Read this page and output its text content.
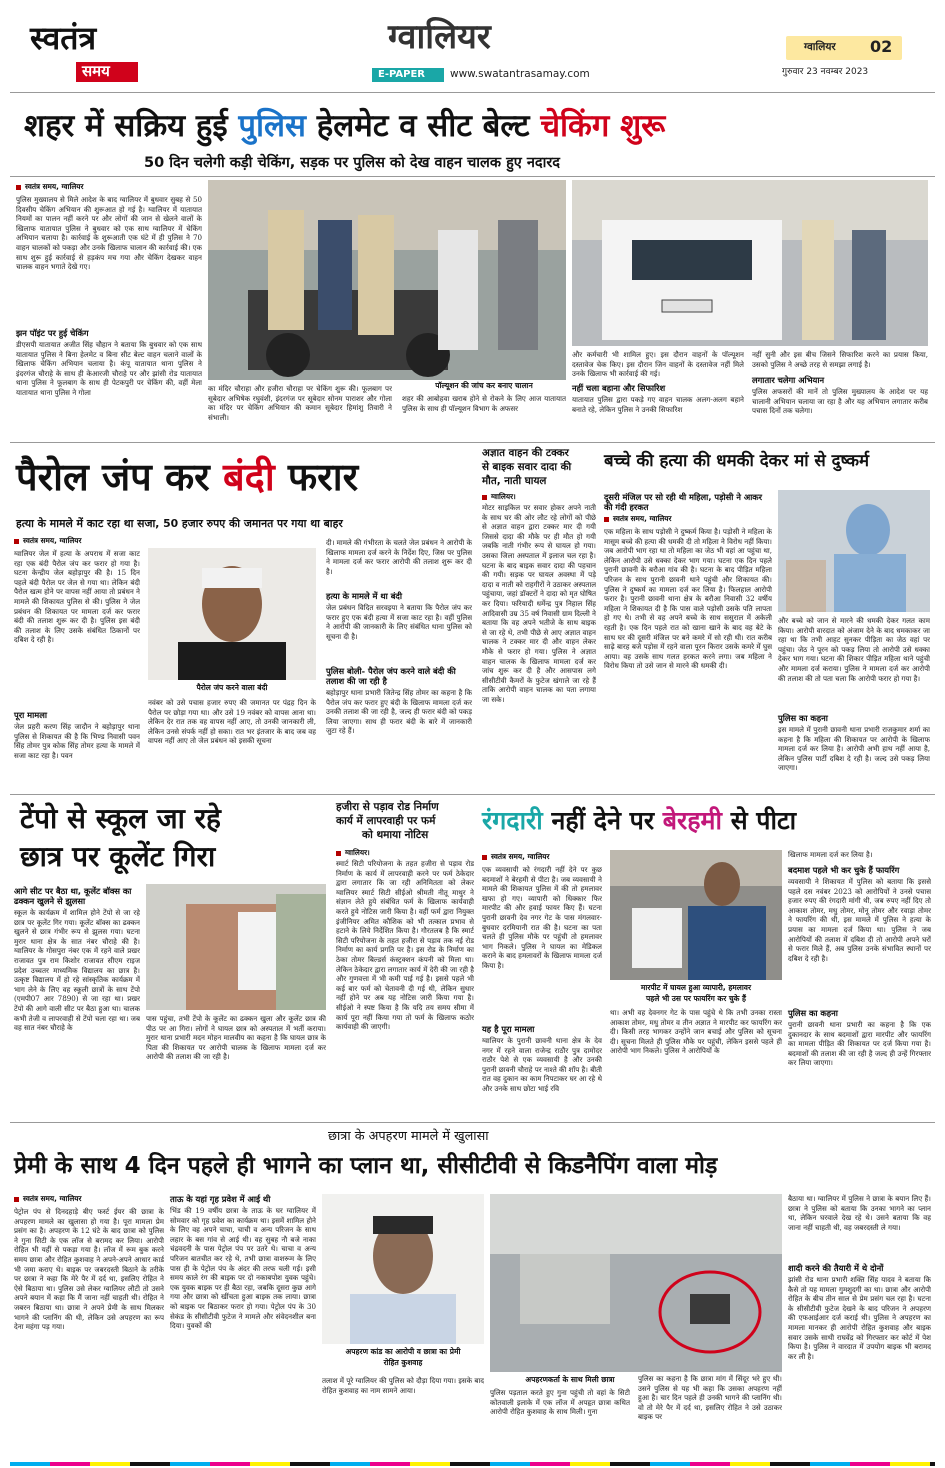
स्वतंत्र
समय
ग्वालियर
E-PAPER www.swatantrasamay.com
ग्वालियर 02
गुरुवार 23 नवम्बर 2023
शहर में सक्रिय हुई पुलिस हेलमेट व सीट बेल्ट चेकिंग शुरू
50 दिन चलेगी कड़ी चेकिंग, सड़क पर पुलिस को देख वाहन चालक हुए नदारद
स्वतंत्र समय, ग्वालियर
पुलिस मुख्यालय से मिले आदेश के बाद ग्वालियर में बुधवार सुबह से 50 दिवसीय चेकिंग अभियान की शुरूआत हो गई है। ग्वालियर में यातायात नियमों का पालन नहीं करने पर और लोगों की जान से खेलने वालों के खिलाफ यातायात पुलिस ने बुधवार को एक साथ ग्वालियर में चेकिंग अभियान चलाया है। कार्रवाई के शुरूआती एक घंटे में ही पुलिस ने 70 वाहन चालकों को पकड़ा और उनके खिलाफ चालान की कार्रवाई की। एक साथ शुरू हुई कार्रवाई से हड़कंप मच गया और चेकिंग देखकर वाहन चालक वाहन भगाते देखे गए।
झन पॉइंट पर हुई चेकिंग
डीएसपी यातायात अजीत सिंह चौहान ने बताया कि बुधवार को एक साथ यातायात पुलिस ने बिना हेलमेट व बिना सीट बेल्ट वाहन चलाने वालों के खिलाफ चेकिंग अभियान चलाया है। कंपू यातायात थाना पुलिस ने इंदरगंज चौराहे के साथ ही केआरजी चौराहे पर और झांसी रोड यातायात थाना पुलिस ने फूलबाग के साथ ही पेटकपुरी पर चेकिंग की, वहीं मेला यातायात थाना पुलिस ने गोला
पॉल्यूशन की जांच कर बनाए चालान
का मंदिर चौराहा और हजीरा चौराहा पर चेकिंग शुरू की। फूलबाग पर सूबेदार अभिषेक रघुवंशी, इंदरगंज पर सूबेदार सोनम पाराशर और गोला का मंदिर पर चेकिंग अभियान की कमान सूबेदार हिमांशु तिवारी ने संभाली।
शहर की आबोहवा खराब होने से रोकने के लिए आज यातायात पुलिस के साथ ही पॉल्यूशन विभाग के अफसर
और कर्मचारी भी शामिल हुए। इस दौरान वाहनों के पॉल्यूशन दस्तावेज चेक किए। इस दौरान जिन वाहनों के दस्तावेज नहीं मिले उनके खिलाफ भी कार्रवाई की गई।
नहीं चला बहाना और सिफारिश
यातायात पुलिस द्वारा पकड़े गए वाहन चालक अलग-अलग बहाने बनाते रहे, लेकिन पुलिस ने उनकी सिफारिश
नहीं सुनी और इस बीच जिसने सिफारिश करने का प्रयास किया, उसको पुलिस ने अच्छे तरह से समझा लगाई है।
लगातार चलेगा अभियान
पुलिस अफसरों की मानें तो पुलिस मुख्यालय के आदेश पर यह चालानी अभियान चलाया जा रहा है और यह अभियान लगातार करीब पचास दिनों तक चलेगा।
पैरोल जंप कर बंदी फरार
हत्या के मामले में काट रहा था सजा, 50 हजार रुपए की जमानत पर गया था बाहर
स्वतंत्र समय, ग्वालियर
ग्वालियर जेल में हत्या के अपराध में सजा काट रहा एक बंदी पैरोल जंप कर फरार हो गया है। घटना केन्द्रीय जेल बहोड़ापुर की है। 15 दिन पहले बंदी पैरोल पर जेल से गया था। लेकिन बंदी पैरोल खत्म होने पर वापस नहीं आया तो प्रबंधन ने मामले की शिकायत पुलिस से की। पुलिस ने जेल प्रबंधन की शिकायत पर मामला दर्ज कर फरार बंदी की तलाश शुरू कर दी है। पुलिस इस बंदी की तलाश के लिए उसके संबंधित ठिकानों पर दबिश दे रही है।
पूरा मामला
जेल प्रहरी करण सिंह जादौन ने बहोड़ापुर थाना पुलिस से शिकायत की है कि भिण्ड निवासी पवन सिंह तोमर पुत्र कोक सिंह तोमर हत्या के मामले में सजा काट रहा है। पवन
पैरोल जंप करने वाला बंदी
नवंबर को उसे पचास हजार रुपए की जमानत पर पंद्रह दिन के पैरोल पर छोड़ा गया था। और उसे 19 नवंबर को वापस आना था। लेकिन देर रात तक वह वापस नहीं आए, तो उनकी जानकारी ली, लेकिन उनसे संपर्क नहीं हो सका। रात भर इंतजार के बाद जब वह वापस नहीं आए तो जेल प्रबंधन को इसकी सूचना
दी। मामले की गंभीरता के चलते जेल प्रबंधन ने आरोपी के खिलाफ मामला दर्ज करने के निर्देश दिए, जिस पर पुलिस ने मामला दर्ज कर फरार आरोपी की तलाश शुरू कर दी है।
हत्या के मामले में था बंदी
जेल प्रबंधन विदित सरवइया ने बताया कि पैरोल जंप कर फरार हुए एक बंदी हत्या में सजा काट रहा है। वहीं पुलिस ने आरोपी की जानकारी के लिए संबंधित थाना पुलिस को सूचना दी है।
पुलिस बोली- पैरोल जंप करने वाले बंदी की तलाश की जा रही है
बहोड़ापुर थाना प्रभारी जितेन्द्र सिंह तोमर का कहना है कि पैरोल जंप कर फरार हुए बंदी के खिलाफ मामला दर्ज कर उनकी तलाश की जा रही है, जल्द ही फरार बंदी को पकड़ लिया जाएगा। साथ ही फरार बंदी के बारे में जानकारी जुटा रहे हैं।
अज्ञात वाहन की टक्कर
से बाइक सवार दादा की
मौत, नाती घायल
ग्वालियर।
मोटर साइकिल पर सवार होकर अपने नाती के साथ घर की ओर लौट रहे लोगों को पीछे से अज्ञात वाहन द्वारा टक्कर मार दी गयी जिससे दादा की मौके पर ही मौत हो गयी जबकि नाती गंभीर रूप से घायल हो गया। उसका जिला अस्पताल में इलाज चल रहा है। घटना के बाद बाइक सवार दादा की पहचान की गयी। सड़क पर घायल अवस्था में पड़े दादा व नाती को राहगीरों ने उठाकर अस्पताल पहुंचाया, जहां डॉक्टरों ने दादा को मृत घोषित कर दिया। फरियादी धर्मेन्द्र पुत्र निहाल सिंह आदिवासी उम्र 35 वर्ष निवासी ग्राम दिल्ली ने बताया कि वह अपने भतीजे के साथ बाइक से जा रहे थे, तभी पीछे से आए अज्ञात वाहन चालक ने टक्कर मार दी और वाहन लेकर मौके से फरार हो गया। पुलिस ने अज्ञात वाहन चालक के खिलाफ मामला दर्ज कर जांच शुरू कर दी है और आसपास लगे सीसीटीवी कैमरों के फुटेज खंगाले जा रहे हैं ताकि आरोपी वाहन चालक का पता लगाया जा सके।
बच्चे की हत्या की धमकी देकर मां से दुष्कर्म
दूसरी मंजिल पर सो रही थी महिला, पड़ोसी ने आकर की गंदी हरकत
स्वतंत्र समय, ग्वालियर
एक महिला के साथ पड़ोसी ने दुष्कर्म किया है। पड़ोसी ने महिला के मासूम बच्चे की हत्या की धमकी दी तो महिला ने विरोध नहीं किया। जब आरोपी भाग रहा था तो महिला का जेठ भी वहां आ पहुंचा था, लेकिन आरोपी उसे धक्का देकर भाग गया। घटना एक दिन पहले पुरानी छावनी के बरौआ गांव की है। घटना के बाद पीड़ित महिला परिजन के साथ पुरानी छावनी थाने पहुंची और शिकायत की। पुलिस ने दुष्कर्म का मामला दर्ज कर लिया है। फिलहाल आरोपी फरार है। पुरानी छावनी थाना क्षेत्र के बरौआ निवासी 32 वर्षीय महिला ने शिकायत दी है कि पास वाले पड़ोसी उसके पति लापता हो गए थे। तभी से वह अपने बच्चे के साथ ससुराल में अकेली रहती है। एक दिन पहले रात को खाना खाने के बाद वह बेटे के साथ घर की दूसरी मंजिल पर बने कमरे में सो रही थी। रात करीब साढ़े बारह बजे पड़ोस में रहने वाला पूरन किरार उसके कमरे में घुस आया। वह उसके साथ गलत हरकत करने लगा। जब महिला ने विरोध किया तो उसे जान से मारने की धमकी दी।
और बच्चे को जान से मारने की धमकी देकर गलत काम किया। आरोपी वारदात को अंजाम देने के बाद धमकाकर जा रहा था कि तभी आहट सुनकर पीड़िता का जेठ वहां पर पहुंचा। जेठ ने पूरन को पकड़ लिया तो आरोपी उसे धक्का देकर भाग गया। घटना की शिकार पीड़ित महिला थाने पहुंची और मामला दर्ज कराया। पुलिस ने मामला दर्ज कर आरोपी की तलाश की तो पता चला कि आरोपी फरार हो गया है।
पुलिस का कहना
इस मामले में पुरानी छावनी थाना प्रभारी राजकुमार शर्मा का कहना है कि महिला की शिकायत पर आरोपी के खिलाफ मामला दर्ज कर लिया है। आरोपी अभी हाथ नहीं आया है, लेकिन पुलिस पार्टी दबिश दे रही है। जल्द उसे पकड़ लिया जाएगा।
टेंपो से स्कूल जा रहे
छात्र पर कूलेंट गिरा
आगे सीट पर बैठा था, कूलेंट बॉक्स का ढक्कन खुलने से झुलसा
स्कूल के कार्यक्रम में शामिल होने टेंपो से जा रहे छात्र पर कूलेंट गिर गया। कूलेंट बॉक्स का ढक्कन खुलने से छात्र गंभीर रूप से झुलस गया। घटना मुरार थाना क्षेत्र के सात नंबर चौराहे की है। ग्वालियर के गोसपुरा नंबर एक में रहने वाले प्रखर राजावत पुत्र राम किशोर राजावत सीएम राइज प्रदेश उच्चतर माध्यमिक विद्यालय का छात्र है। उत्कृष्ट विद्यालय में हो रहे सांस्कृतिक कार्यक्रम में भाग लेने के लिए वह स्कूली छात्रों के साथ टेंपो (एमपी07 आर 7890) से जा रहा था। प्रखर टेंपो की आगे वाली सीट पर बैठा हुआ था। चालक कभी तेजी व लापरवाही से टेंपो चला रहा था। जब वह सात नंबर चौराहे के
पास पहुंचा, तभी टेंपो के कूलेंट का ढक्कन खुला और कूलेंट छात्र की पीठ पर आ गिरा। लोगों ने घायल छात्र को अस्पताल में भर्ती कराया। मुरार थाना प्रभारी मदन मोहन मालवीय का कहना है कि घायल छात्र के पिता की शिकायत पर आरोपी चालक के खिलाफ मामला दर्ज कर आरोपी की तलाश की जा रही है।
हजीरा से पड़ाव रोड निर्माण
कार्य में लापरवाही पर फर्म
को थमाया नोटिस
ग्वालियर।
स्मार्ट सिटी परियोजना के तहत हजीरा से पड़ाव रोड निर्माण के कार्य में लापरवाही करने पर फर्म ठेकेदार द्वारा लगातार कि जा रही अनिमितता को लेकर ग्वालियर स्मार्ट सिटी सीईओ श्रीमती नीतू माथुर ने संज्ञान लेते हुये संबंधित फर्म के खिलाफ कार्यवाही करते हुये नोटिस जारी किया है। वहीं फर्म द्वारा नियुक्त इंजीनियर अमित कौशिक को भी तत्काल प्रभाव से हटाने के लिये निर्देशित किया है। गौरतलब है कि स्मार्ट सिटी परियोजना के तहत हजीरा से पड़ाव तक नई रोड निर्माण का कार्य प्रगति पर है। इस रोड के निर्माण का ठेका तोमर बिल्डर्स कंस्ट्रक्शन कंपनी को मिला था। लेकिन ठेकेदार द्वारा लगातार कार्य में देरी की जा रही है और गुणवत्ता में भी कमी पाई गई है। इससे पहले भी कई बार फर्म को चेतावनी दी गई थी, लेकिन सुधार नहीं होने पर अब यह नोटिस जारी किया गया है। सीईओ ने स्पष्ट किया है कि यदि तय समय सीमा में कार्य पूरा नहीं किया गया तो फर्म के खिलाफ कठोर कार्यवाही की जाएगी।
रंगदारी नहीं देने पर बेरहमी से पीटा
स्वतंत्र समय, ग्वालियर
एक व्यवसायी को रंगदारी नहीं देने पर कुछ बदमाशों ने बेरहमी से पीटा है। जब व्यवसायी ने मामले की शिकायत पुलिस में की तो हमलावर खफा हो गए। व्यापारी को धिक्कार फिर मारपीट की और हवाई फायर किए हैं। घटना पुरानी छावनी देव नगर गेट के पास मंगलवार-बुधवार दरमियानी रात की है। घटना का पता चलते ही पुलिस मौके पर पहुंची तो हमलावर भाग निकले। पुलिस ने घायल का मेडिकल कराने के बाद हमलावरों के खिलाफ मामला दर्ज किया है।
यह है पूरा मामला
ग्वालियर के पुरानी छावनी थाना क्षेत्र के देव नगर में रहने वाला राजेन्द्र राठौर पुत्र दामोदर राठौर पेशे से एक व्यवसायी है और उनकी पुरानी छावनी चौराहे पर नाश्ते की शॉप है। बीती रात वह दुकान का काम निपटाकर घर आ रहे थे और उनके साथ छोटा भाई रवि
मारपीट में घायल हुआ व्यापारी, हमलावर
पहले भी उस पर फायरिंग कर चुके हैं
था। अभी वह देवनगर गेट के पास पहुंचे थे कि तभी उनका रास्ता आकाश तोमर, मधु तोमर व तीन अज्ञात ने मारपीट कर फायरिंग कर दी। किसी तरह भागकर उन्होंने जान बचाई और पुलिस को सूचना दी। सूचना मिलते ही पुलिस मौके पर पहुंची, लेकिन इससे पहले ही आरोपी भाग निकले। पुलिस ने आरोपियों के
खिलाफ मामला दर्ज कर लिया है।
बदमाश पहले भी कर चुके हैं फायरिंग
व्यवसायी ने शिकायत में पुलिस को बताया कि इससे पहले दस नवंबर 2023 को आरोपियों ने उनसे पचास हजार रुपए की रंगदारी मांगी थी, जब रुपए नहीं दिए तो आकाश तोमर, मधु तोमर, मोनू तोमर और रवाड़ा तोमर ने फायरिंग की थी, इस मामले में पुलिस ने हत्या के प्रयास का मामला दर्ज किया था। पुलिस ने जब आरोपियों की तलाश में दबिश दी तो आरोपी अपने घरों से फरार मिले हैं, अब पुलिस उनके संभावित स्थानों पर दबिश दे रही है।
पुलिस का कहना
पुरानी छावनी थाना प्रभारी का कहना है कि एक दुकानदार के साथ बदमाशों द्वारा मारपीट और फायरिंग का मामला पीड़ित की शिकायत पर दर्ज किया गया है। बदमाशों की तलाश की जा रही है जल्द ही उन्हें गिरफ्तार कर लिया जाएगा।
छात्रा के अपहरण मामले में खुलासा
प्रेमी के साथ 4 दिन पहले ही भागने का प्लान था, सीसीटीवी से किडनैपिंग वाला मोड़
स्वतंत्र समय, ग्वालियर
पेट्रोल पंप से दिनदहाड़े बीए फर्स्ट ईयर की छात्रा के अपहरण मामले का खुलासा हो गया है। पूरा मामला प्रेम प्रसंग का है। अपहरण के 12 घंटे के बाद छात्रा को पुलिस ने गुना सिटी के एक लॉज से बरामद कर लिया। आरोपी रोहित भी यहीं से पकड़ा गया है। लॉज में रूम बुक करने समय छात्रा और रोहित कुशवाह ने अपने-अपने आधार कार्ड भी जमा कराए थे। बाइक पर जबरदस्ती बिठाने के तरीके पर छात्रा ने कहा कि मेरे पैर में दर्द था, इसलिए रोहित ने ऐसे बिठाया था। पुलिस उसे लेकर ग्वालियर लौटी तो उसने अपने बयान में कहा कि मैं जाना नहीं चाहती थी। रोहित ने जबरन बिठाया था। छात्रा ने अपने प्रेमी के साथ मिलकर भागने की प्लानिंग की थी, लेकिन उसे अपहरण का रूप देना महंगा पड़ गया।
ताऊ के यहां गृह प्रवेश में आई थी
भिंड की 19 वर्षीय छात्रा के ताऊ के घर ग्वालियर में सोमवार को गृह प्रवेश का कार्यक्रम था। इसमें शामिल होने के लिए वह अपने चाचा, चाची व अन्य परिजन के साथ लहार के बस गांव से आई थी। वह सुबह नौ बजे नाका चंद्रवदनी के पास पेट्रोल पंप पर उतरे थे। चाचा व अन्य परिजन बातचीत कर रहे थे, तभी छात्रा वाशरूम के लिए पास ही के पेट्रोल पंप के अंदर की तरफ चली गई। इसी समय काले रंग की बाइक पर दो नकाबपोश युवक पहुंचे। एक युवक बाइक पर ही बैठा रहा, जबकि दूसरा कुछ आगे गया और छात्रा को खींचता हुआ बाइक तक लाया। छात्रा को बाइक पर बिठाकर फरार हो गया। पेट्रोल पंप के 30 सेकंड के सीसीटीवी फुटेज ने मामले और संवेदनशील बना दिया। युवकों की
अपहरण कांड का आरोपी व छात्रा का प्रेमी
रोहित कुशवाह
तलाश में पूरे ग्वालियर की पुलिस को दौड़ा दिया गया। इसके बाद रोहित कुशवाह का नाम सामने आया।
अपहरणकर्ता के साथ मिली छात्रा
पुलिस पड़ताल करते हुए गुना पहुंची तो वहां के सिटी कोतवाली इलाके में एक लॉज में अपहृत छात्रा कथित आरोपी रोहित कुशवाह के साथ मिली। गुना
पुलिस का कहना है कि छात्रा मांग में सिंदूर भरे हुए थी। उसने पुलिस से यह भी कहा कि उसका अपहरण नहीं हुआ है। चार दिन पहले ही उनकी भागने की प्लानिंग थी। वो तो मेरे पैर में दर्द था, इसलिए रोहित ने उसे उठाकर बाइक पर
बैठाया था। ग्वालियर में पुलिस ने छात्रा के बयान लिए हैं। छात्रा ने पुलिस को बताया कि उनका भागने का प्लान था, लेकिन घरवाले देख रहे थे। उसने बताया कि वह जाना नहीं चाहती थी, वह जबरदस्ती ले गया।
शादी करने की तैयारी में थे दोनों
झांसी रोड थाना प्रभारी शक्ति सिंह यादव ने बताया कि कैसे तो यह मामला गुमशुदगी का था। छात्रा और आरोपी रोहित के बीच तीन साल से प्रेम प्रसंग चल रहा है। घटना के सीसीटीवी फुटेज देखने के बाद परिजन ने अपहरण की एफआईआर दर्ज कराई थी। पुलिस ने अपहरण का मामला मानकर ही आरोपी रोहित कुशवाह और बाइक सवार उसके साथी राघवेंद्र को गिरफ्तार कर कोर्ट में पेश किया है। पुलिस ने वारदात में उपयोग बाइक भी बरामद कर ली है।
